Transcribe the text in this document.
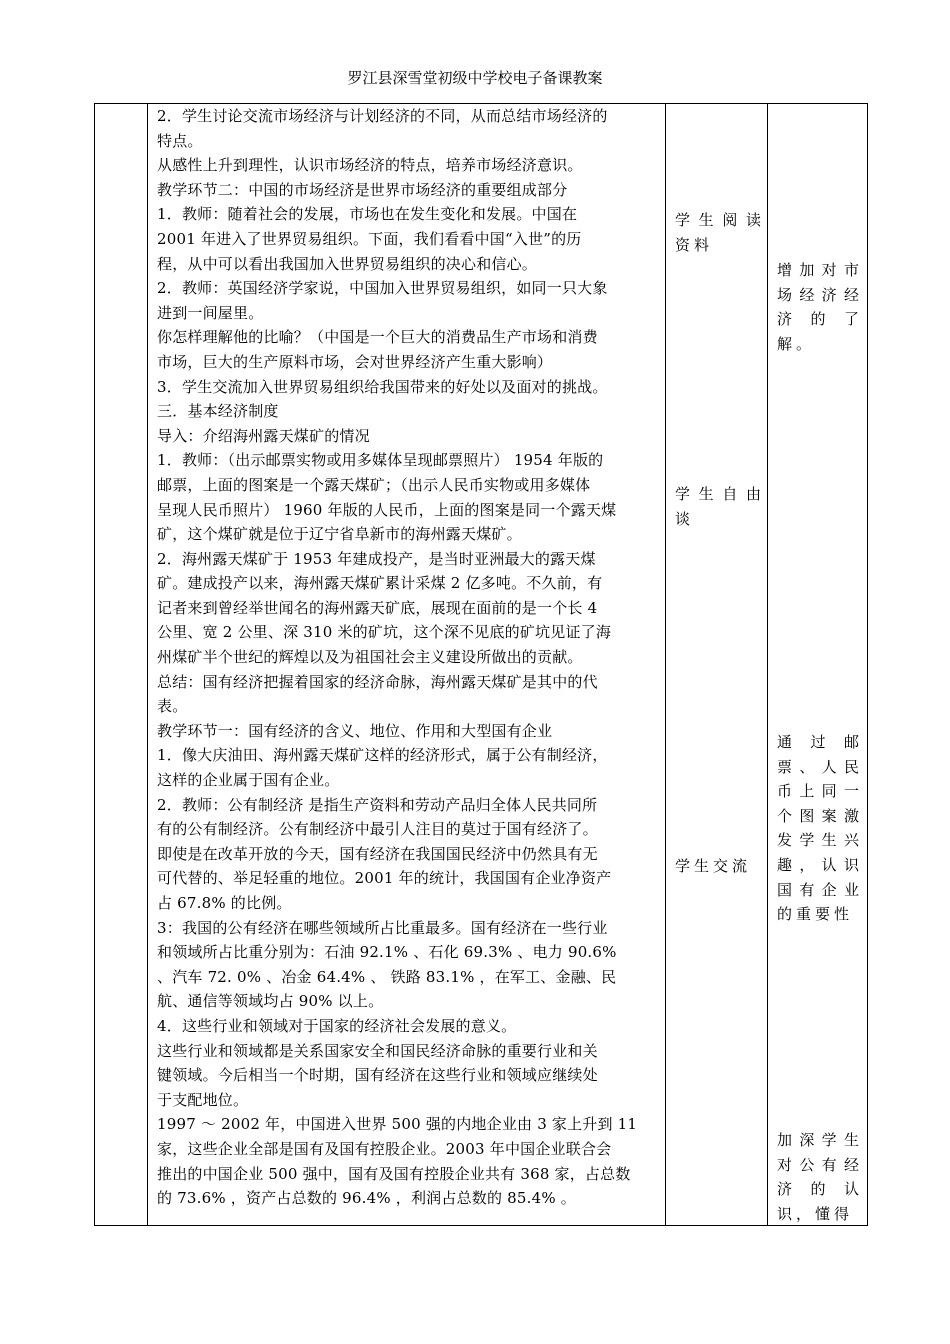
罗江县深雪堂初级中学校电子备课教案

2．学生讨论交流市场经济与计划经济的不同，从而总结市场经济的

特点。

从感性上升到理性，认识市场经济的特点，培养市场经济意识。

教学环节二：中国的市场经济是世界市场经济的重要组成部分

1．教师：随着社会的发展，市场也在发生变化和发展。中国在

2001 年进入了世界贸易组织。下面，我们看看中国“入世”的历

程，从中可以看出我国加入世界贸易组织的决心和信心。

2．教师：英国经济学家说，中国加入世界贸易组织，如同一只大象

进到一间屋里。

你怎样理解他的比喻？（中国是一个巨大的消费品生产市场和消费

市场，巨大的生产原料市场，会对世界经济产生重大影响）

3．学生交流加入世界贸易组织给我国带来的好处以及面对的挑战。

三．基本经济制度

导入：介绍海州露天煤矿的情况

1．教师：（出示邮票实物或用多媒体呈现邮票照片） 1954 年版的

邮票，上面的图案是一个露天煤矿；（出示人民币实物或用多媒体

呈现人民币照片） 1960 年版的人民币，上面的图案是同一个露天煤

矿，这个煤矿就是位于辽宁省阜新市的海州露天煤矿。

2．海州露天煤矿于 1953 年建成投产，是当时亚洲最大的露天煤

矿。建成投产以来，海州露天煤矿累计采煤 2 亿多吨。不久前，有

记者来到曾经举世闻名的海州露天矿底，展现在面前的是一个长 4

公里、宽 2 公里、深 310 米的矿坑，这个深不见底的矿坑见证了海

州煤矿半个世纪的辉煌以及为祖国社会主义建设所做出的贡献。

总结：国有经济把握着国家的经济命脉，海州露天煤矿是其中的代

表。

教学环节一：国有经济的含义、地位、作用和大型国有企业

1．像大庆油田、海州露天煤矿这样的经济形式，属于公有制经济，

这样的企业属于国有企业。

2．教师：公有制经济 是指生产资料和劳动产品归全体人民共同所

有的公有制经济。公有制经济中最引人注目的莫过于国有经济了。

即使是在改革开放的今天，国有经济在我国国民经济中仍然具有无

可代替的、举足轻重的地位。2001 年的统计，我国国有企业净资产

占 67.8% 的比例。

3：我国的公有经济在哪些领域所占比重最多。国有经济在一些行业

和领域所占比重分别为：石油 92.1% 、石化 69.3% 、电力 90.6%

、汽车 72. 0% 、冶金 64.4% 、 铁路 83.1% ，在军工、金融、民

航、通信等领域均占 90% 以上。

4．这些行业和领域对于国家的经济社会发展的意义。

这些行业和领域都是关系国家安全和国民经济命脉的重要行业和关

键领域。今后相当一个时期，国有经济在这些行业和领域应继续处

于支配地位。

1997 ～ 2002 年，中国进入世界 500 强的内地企业由 3 家上升到 11

家，这些企业全部是国有及国有控股企业。2003 年中国企业联合会

推出的中国企业 500 强中，国有及国有控股企业共有 368 家，占总数

的 73.6% ，资产占总数的 96.4% ，利润占总数的 85.4% 。

学生阅读

资料

学生自由

谈

学生交流

增加对市

场经济经

济的了

解。

通过邮

票、人民

币上同一

个图案激

发学生兴

趣，认识

国有企业

的重要性

加深学生

对公有经

济的认

识，懂得
